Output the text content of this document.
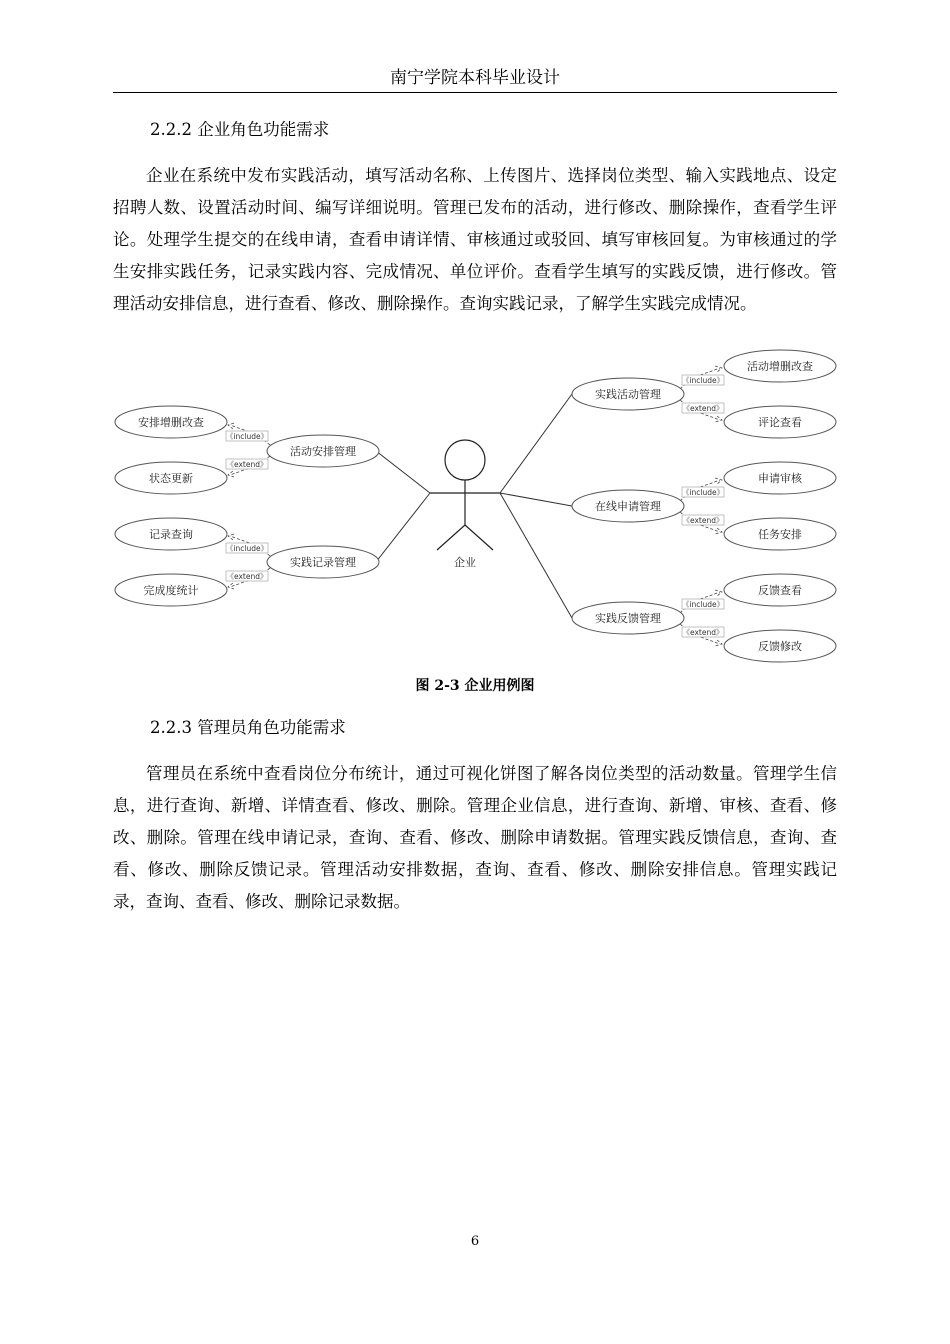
南宁学院本科毕业设计
2.2.2 企业角色功能需求

企业在系统中发布实践活动，填写活动名称、上传图片、选择岗位类型、输入实践地点、设定招聘人数、设置活动时间、编写详细说明。管理已发布的活动，进行修改、删除操作，查看学生评论。处理学生提交的在线申请，查看申请详情、审核通过或驳回、填写审核回复。为审核通过的学生安排实践任务，记录实践内容、完成情况、单位评价。查看学生填写的实践反馈，进行修改。管理活动安排信息，进行查看、修改、删除操作。查询实践记录，了解学生实践完成情况。

企业
《include》
《extend》
活动安排管理
安排增删改查
状态更新
《include》
《extend》
实践记录管理
记录查询
完成度统计
《include》
《extend》
实践活动管理
活动增删改查
评论查看
《include》
《extend》
在线申请管理
申请审核
任务安排
《include》
《extend》
实践反馈管理
反馈查看
反馈修改
图 2-3 企业用例图
2.2.3 管理员角色功能需求

管理员在系统中查看岗位分布统计，通过可视化饼图了解各岗位类型的活动数量。管理学生信息，进行查询、新增、详情查看、修改、删除。管理企业信息，进行查询、新增、审核、查看、修改、删除。管理在线申请记录，查询、查看、修改、删除申请数据。管理实践反馈信息，查询、查看、修改、删除反馈记录。管理活动安排数据，查询、查看、修改、删除安排信息。管理实践记录，查询、查看、修改、删除记录数据。

6
